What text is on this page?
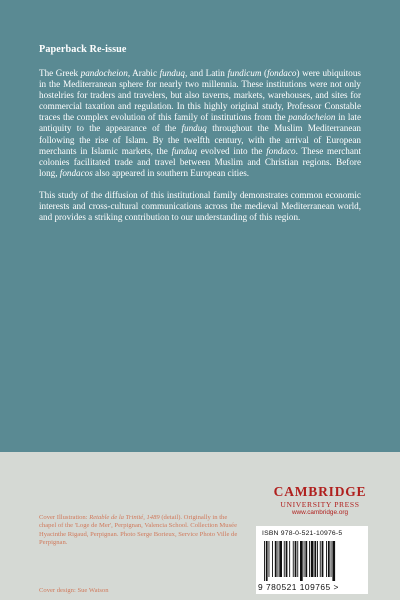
Paperback Re-issue

The Greek pandocheion, Arabic funduq, and Latin fundicum (fondaco) were ubiquitous in the Mediterranean sphere for nearly two millennia. These institutions were not only hostelries for traders and travelers, but also taverns, markets, warehouses, and sites for commercial taxation and regulation. In this highly original study, Professor Constable traces the complex evolution of this family of institutions from the pandocheion in late antiquity to the appearance of the funduq throughout the Muslim Mediterranean following the rise of Islam. By the twelfth century, with the arrival of European merchants in Islamic markets, the funduq evolved into the fondaco. These merchant colonies facilitated trade and travel between Muslim and Christian regions. Before long, fondacos also appeared in southern European cities.

This study of the diffusion of this institutional family demonstrates common economic interests and cross-cultural communications across the medieval Mediterranean world, and provides a striking contribution to our understanding of this region.

Cover Illustration: Retable de la Trinité, 1489 (detail). Originally in the chapel of the 'Loge de Mer', Perpignan, Valencia School. Collection Musée Hyacinthe Rigaud, Perpignan. Photo Serge Borieux, Service Photo Ville de Perpignan.
Cover design: Sue Watson
CAMBRIDGE
UNIVERSITY PRESS
www.cambridge.org
ISBN 978-0-521-10976-5
9 780521 109765 >
